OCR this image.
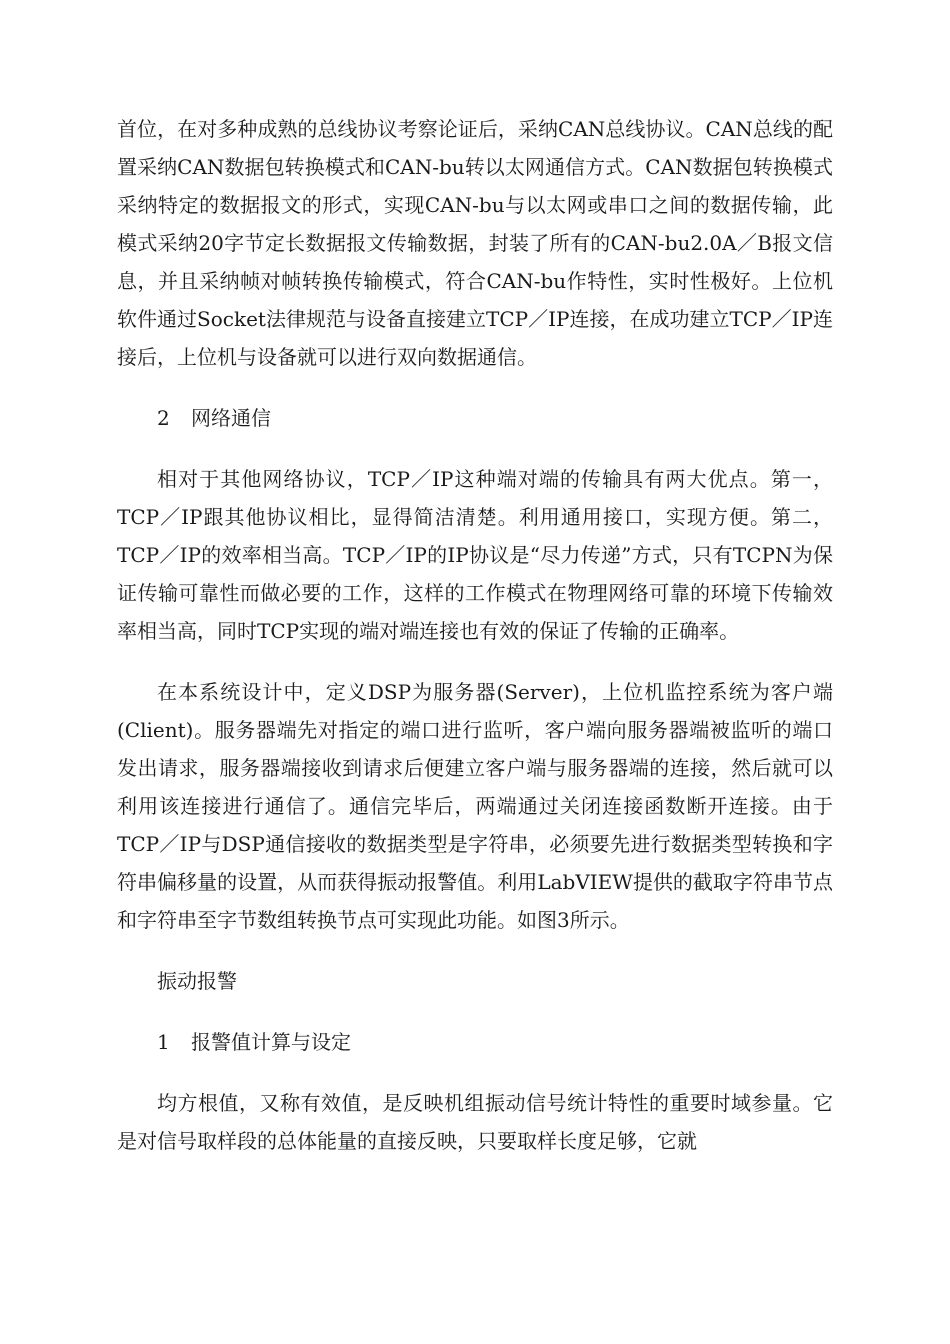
首位，在对多种成熟的总线协议考察论证后，采纳CAN总线协议。CAN总线的配置采纳CAN数据包转换模式和CAN-bu转以太网通信方式。CAN数据包转换模式采纳特定的数据报文的形式，实现CAN-bu与以太网或串口之间的数据传输，此模式采纳20字节定长数据报文传输数据，封装了所有的CAN-bu2.0A／B报文信息，并且采纳帧对帧转换传输模式，符合CAN-bu作特性，实时性极好。上位机软件通过Socket法律规范与设备直接建立TCP／IP连接，在成功建立TCP／IP连接后，上位机与设备就可以进行双向数据通信。

2 网络通信

相对于其他网络协议，TCP／IP这种端对端的传输具有两大优点。第一，TCP／IP跟其他协议相比，显得简洁清楚。利用通用接口，实现方便。第二，TCP／IP的效率相当高。TCP／IP的IP协议是“尽力传递”方式，只有TCPN为保证传输可靠性而做必要的工作，这样的工作模式在物理网络可靠的环境下传输效率相当高，同时TCP实现的端对端连接也有效的保证了传输的正确率。

在本系统设计中，定义DSP为服务器(Server)，上位机监控系统为客户端(Client)。服务器端先对指定的端口进行监听，客户端向服务器端被监听的端口发出请求，服务器端接收到请求后便建立客户端与服务器端的连接，然后就可以利用该连接进行通信了。通信完毕后，两端通过关闭连接函数断开连接。由于TCP／IP与DSP通信接收的数据类型是字符串，必须要先进行数据类型转换和字符串偏移量的设置，从而获得振动报警值。利用LabVIEW提供的截取字符串节点和字符串至字节数组转换节点可实现此功能。如图3所示。

振动报警

1 报警值计算与设定

均方根值，又称有效值，是反映机组振动信号统计特性的重要时域参量。它是对信号取样段的总体能量的直接反映，只要取样长度足够，它就
